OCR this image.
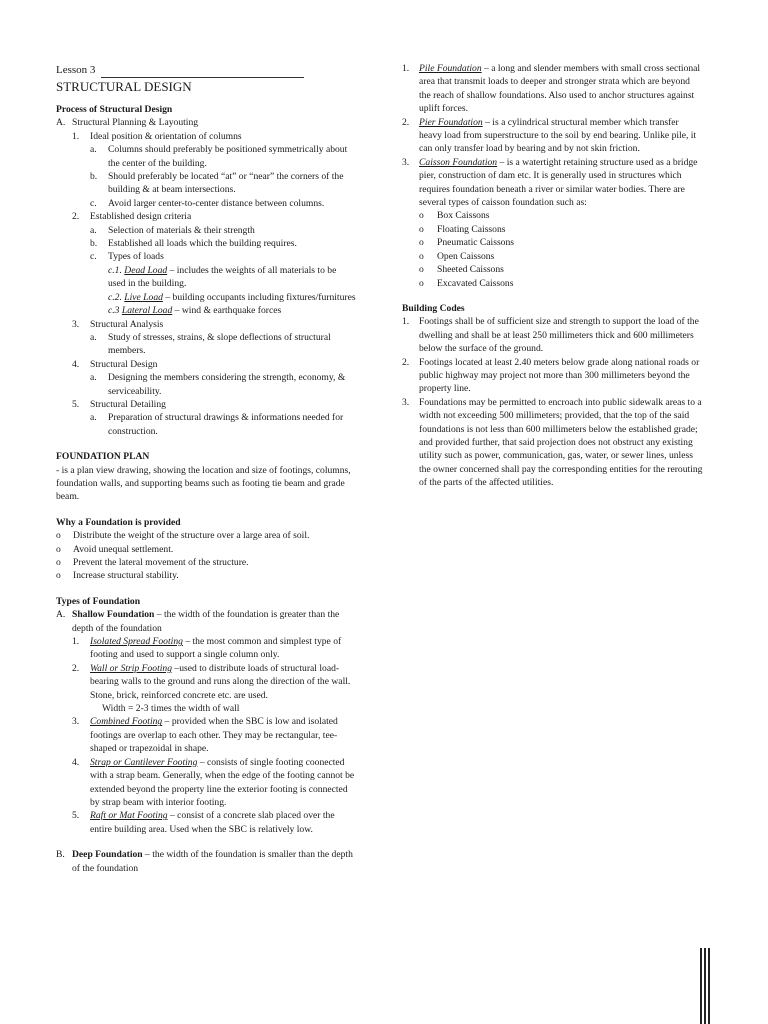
Lesson 3
STRUCTURAL DESIGN
Process of Structural Design
A. Structural Planning & Layouting
1.	Ideal position & orientation of columns
a.	Columns should preferably be positioned symmetrically about the center of the building.
b.	Should preferably be located “at” or “near” the corners of the building & at beam intersections.
c.	Avoid larger center-to-center distance between columns.
2.	Established design criteria
a.	Selection of materials & their strength
b.	Established all loads which the building requires.
c.	Types of loads

c.1. Dead Load – includes the weights of all materials to be used in the building.

c.2. Live Load – building occupants including fixtures/furnitures

c.3 Lateral Load – wind & earthquake forces

3.	Structural Analysis
a.	Study of stresses, strains, & slope deflections of structural members.
4.	Structural Design
a.	Designing the members considering the strength, economy, & serviceability.
5.	Structural Detailing
a.	Preparation of structural drawings & informations needed for construction.
FOUNDATION PLAN

- is a plan view drawing, showing the location and size of footings, columns, foundation walls, and supporting beams such as footing tie beam and grade beam.

Why a Foundation is provided
o	Distribute the weight of the structure over a large area of soil.
o	Avoid unequal settlement.
o	Prevent the lateral movement of the structure.
o	Increase structural stability.
Types of Foundation
A. Shallow Foundation – the width of the foundation is greater than the depth of the foundation
1.	Isolated Spread Footing – the most common and simplest type of footing and used to support a single column only.
2.	Wall or Strip Footing –used to distribute loads of structural load-bearing walls to the ground and runs along the direction of the wall. Stone, brick, reinforced concrete etc. are used.

Width = 2-3 times the width of wall

3.	Combined Footing – provided when the SBC is low and isolated footings are overlap to each other. They may be rectangular, tee-shaped or trapezoidal in shape.
4.	Strap or Cantilever Footing – consists of single footing coonected with a strap beam. Generally, when the edge of the footing cannot be extended beyond the property line the exterior footing is connected by strap beam with interior footing.
5.	Raft or Mat Footing – consist of a concrete slab placed over the entire building area. Used when the SBC is relatively low.
B. Deep Foundation – the width of the foundation is smaller than the depth of the foundation
1.	Pile Foundation – a long and slender members with small cross sectional area that transmit loads to deeper and stronger strata which are beyond the reach of shallow foundations. Also used to anchor structures against uplift forces.
2.	Pier Foundation – is a cylindrical structural member which transfer heavy load from superstructure to the soil by end bearing. Unlike pile, it can only transfer load by bearing and by not skin friction.
3.	Caisson Foundation – is a watertight retaining structure used as a bridge pier, construction of dam etc. It is generally used in structures which requires foundation beneath a river or similar water bodies. There are several types of caisson foundation such as:
o	Box Caissons
o	Floating Caissons
o	Pneumatic Caissons
o	Open Caissons
o	Sheeted Caissons
o	Excavated Caissons
Building Codes
1.	Footings shall be of sufficient size and strength to support the load of the dwelling and shall be at least 250 millimeters thick and 600 millimeters below the surface of the ground.
2.	Footings located at least 2.40 meters below grade along national roads or public highway may project not more than 300 millimeters beyond the property line.
3.	Foundations may be permitted to encroach into public sidewalk areas to a width not exceeding 500 millimeters; provided, that the top of the said foundations is not less than 600 millimeters below the established grade; and provided further, that said projection does not obstruct any existing utility such as power, communication, gas, water, or sewer lines, unless the owner concerned shall pay the corresponding entities for the rerouting of the parts of the affected utilities.
